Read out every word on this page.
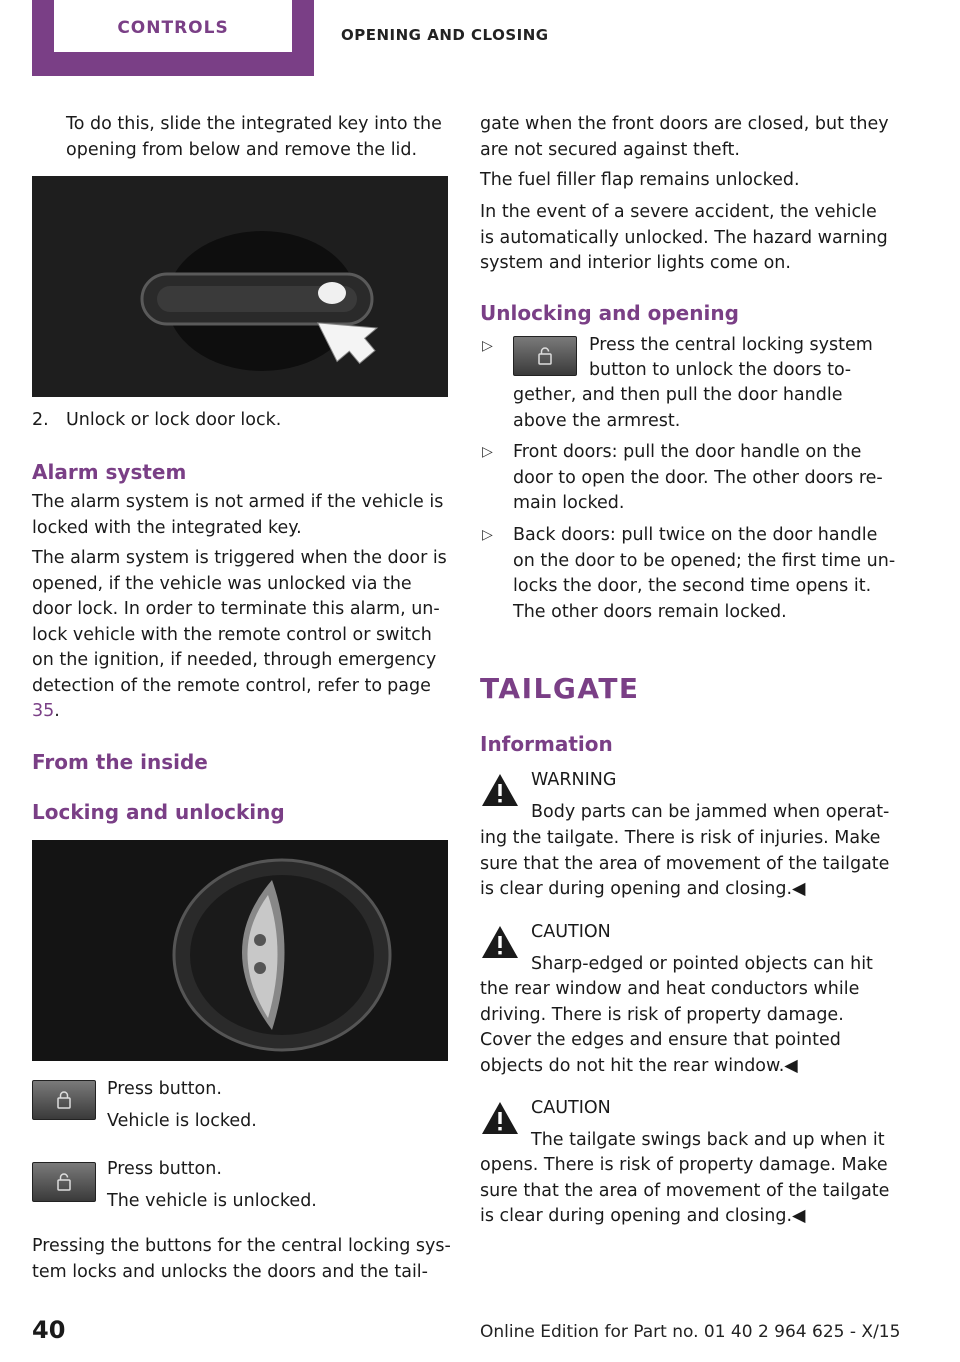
CONTROLS	OPENING AND CLOSING

To do this, slide the integrated key into the opening from below and remove the lid.

2. Unlock or lock door lock.

Alarm system

The alarm system is not armed if the vehicle is locked with the integrated key.

The alarm system is triggered when the door is opened, if the vehicle was unlocked via the door lock. In order to terminate this alarm, un‐lock vehicle with the remote control or switch on the ignition, if needed, through emergency detection of the remote control, refer to

page

35

.

From the inside
Locking and unlocking

Press button.

Vehicle is locked.

Press button.

The vehicle is unlocked.

Pressing the buttons for the central locking sys‐tem locks and unlocks the doors and the tail‐

gate when the front doors are closed, but they are not secured against theft.

The fuel filler flap remains unlocked.

In the event of a severe accident, the vehicle is automatically unlocked. The hazard warning system and interior lights come on.

Unlocking and opening
▷	Press the central locking system

button to unlock the doors to‐

gether, and then pull the door handle above the armrest.

▷ Front doors: pull the door handle on the door to open the door. The other doors re‐main locked.

▷ Back doors: pull twice on the door handle on the door to be opened; the first time un‐locks the door, the second time opens it. The other doors remain locked.

TAILGATE
Information

WARNING

Body parts can be jammed when operat‐

ing the tailgate. There is risk of injuries. Make sure that the area of movement of the tailgate is clear during opening and closing.◀

CAUTION

Sharp-edged or pointed objects can hit

the rear window and heat conductors while driving. There is risk of property damage. Cover the edges and ensure that pointed objects do not hit the rear window.◀

CAUTION

The tailgate swings back and up when it

opens. There is risk of property damage. Make sure that the area of movement of the tailgate is clear during opening and closing.◀

40	Online Edition for Part no. 01 40 2 964 625 - X/15
